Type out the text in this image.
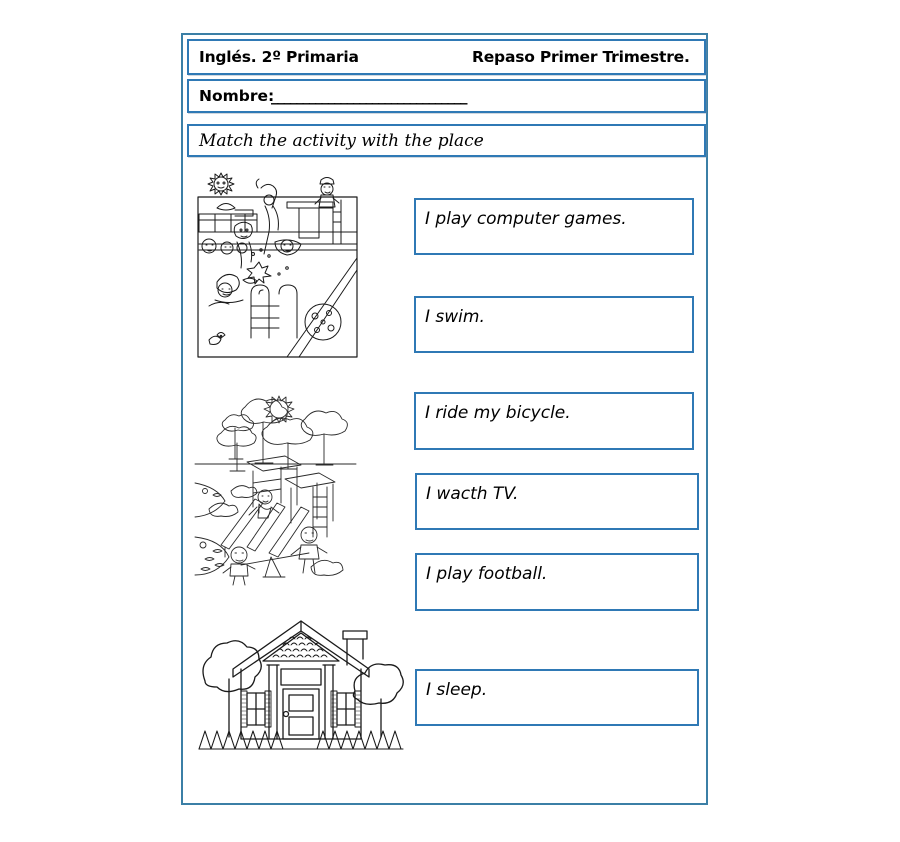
Inglés. 2º Primaria	Repaso Primer Trimestre.
Nombre:
_______________________________
Match the activity with the place
I play computer games.
I swim.
I ride my bicycle.
I wacth TV.
I play football.
I sleep.
